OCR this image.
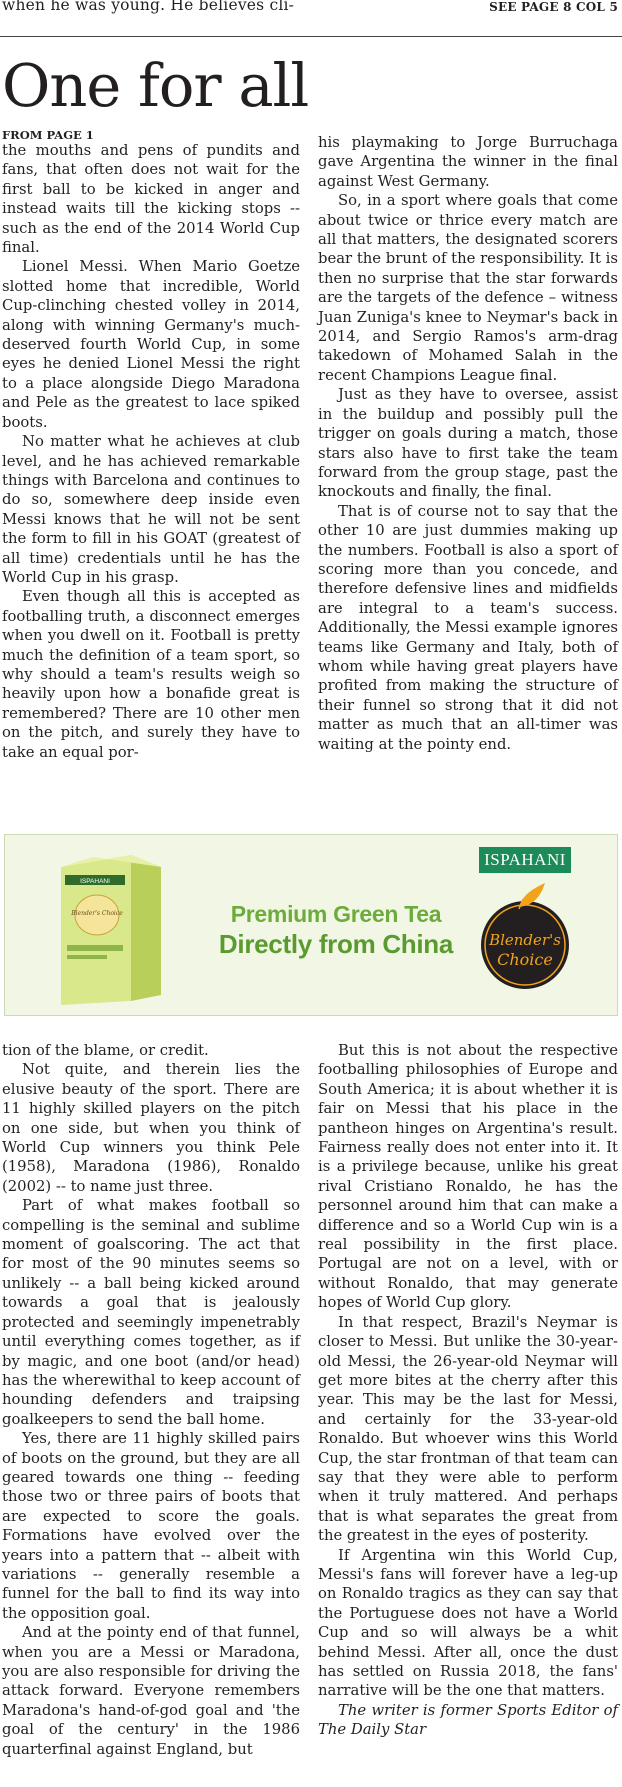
when he was young. He believes cli-	SEE PAGE 8 COL 5
One for all
FROM PAGE 1

the mouths and pens of pundits and fans, that often does not wait for the first ball to be kicked in anger and instead waits till the kicking stops -- such as the end of the 2014 World Cup final.

Lionel Messi. When Mario Goetze slotted home that incredible, World Cup-clinching chested volley in 2014, along with winning Germany's much-deserved fourth World Cup, in some eyes he denied Lionel Messi the right to a place alongside Diego Maradona and Pele as the greatest to lace spiked boots.

No matter what he achieves at club level, and he has achieved remarkable things with Barcelona and continues to do so, somewhere deep inside even Messi knows that he will not be sent the form to fill in his GOAT (greatest of all time) credentials until he has the World Cup in his grasp.

Even though all this is accepted as footballing truth, a disconnect emerges when you dwell on it. Football is pretty much the definition of a team sport, so why should a team's results weigh so heavily upon how a bonafide great is remembered? There are 10 other men on the pitch, and surely they have to take an equal por-

his playmaking to Jorge Burruchaga gave Argentina the winner in the final against West Germany.

So, in a sport where goals that come about twice or thrice every match are all that matters, the designated scorers bear the brunt of the responsibility. It is then no surprise that the star forwards are the targets of the defence – witness Juan Zuniga's knee to Neymar's back in 2014, and Sergio Ramos's arm-drag takedown of Mohamed Salah in the recent Champions League final.

Just as they have to oversee, assist in the buildup and possibly pull the trigger on goals during a match, those stars also have to first take the team forward from the group stage, past the knockouts and finally, the final.

That is of course not to say that the other 10 are just dummies making up the numbers. Football is also a sport of scoring more than you concede, and therefore defensive lines and midfields are integral to a team's success. Additionally, the Messi example ignores teams like Germany and Italy, both of whom while having great players have profited from making the structure of their funnel so strong that it did not matter as much that an all-timer was waiting at the pointy end.

ISPAHANI
Blender's Choice	Premium Green Tea
Directly from China
ISPAHANI
Blender's
Choice

tion of the blame, or credit.

Not quite, and therein lies the elusive beauty of the sport. There are 11 highly skilled players on the pitch on one side, but when you think of World Cup winners you think Pele (1958), Maradona (1986), Ronaldo (2002) -- to name just three.

Part of what makes football so compelling is the seminal and sublime moment of goalscoring. The act that for most of the 90 minutes seems so unlikely -- a ball being kicked around towards a goal that is jealously protected and seemingly impenetrably until everything comes together, as if by magic, and one boot (and/or head) has the wherewithal to keep account of hounding defenders and traipsing goalkeepers to send the ball home.

Yes, there are 11 highly skilled pairs of boots on the ground, but they are all geared towards one thing -- feeding those two or three pairs of boots that are expected to score the goals. Formations have evolved over the years into a pattern that -- albeit with variations -- generally resemble a funnel for the ball to find its way into the opposition goal.

And at the pointy end of that funnel, when you are a Messi or Maradona, you are also responsible for driving the attack forward. Everyone remembers Maradona's hand-of-god goal and 'the goal of the century' in the 1986 quarterfinal against England, but

But this is not about the respective footballing philosophies of Europe and South America; it is about whether it is fair on Messi that his place in the pantheon hinges on Argentina's result. Fairness really does not enter into it. It is a privilege because, unlike his great rival Cristiano Ronaldo, he has the personnel around him that can make a difference and so a World Cup win is a real possibility in the first place. Portugal are not on a level, with or without Ronaldo, that may generate hopes of World Cup glory.

In that respect, Brazil's Neymar is closer to Messi. But unlike the 30-year-old Messi, the 26-year-old Neymar will get more bites at the cherry after this year. This may be the last for Messi, and certainly for the 33-year-old Ronaldo. But whoever wins this World Cup, the star frontman of that team can say that they were able to perform when it truly mattered. And perhaps that is what separates the great from the greatest in the eyes of posterity.

If Argentina win this World Cup, Messi's fans will forever have a leg-up on Ronaldo tragics as they can say that the Portuguese does not have a World Cup and so will always be a whit behind Messi. After all, once the dust has settled on Russia 2018, the fans' narrative will be the one that matters.

The writer is former Sports Editor of The Daily Star
